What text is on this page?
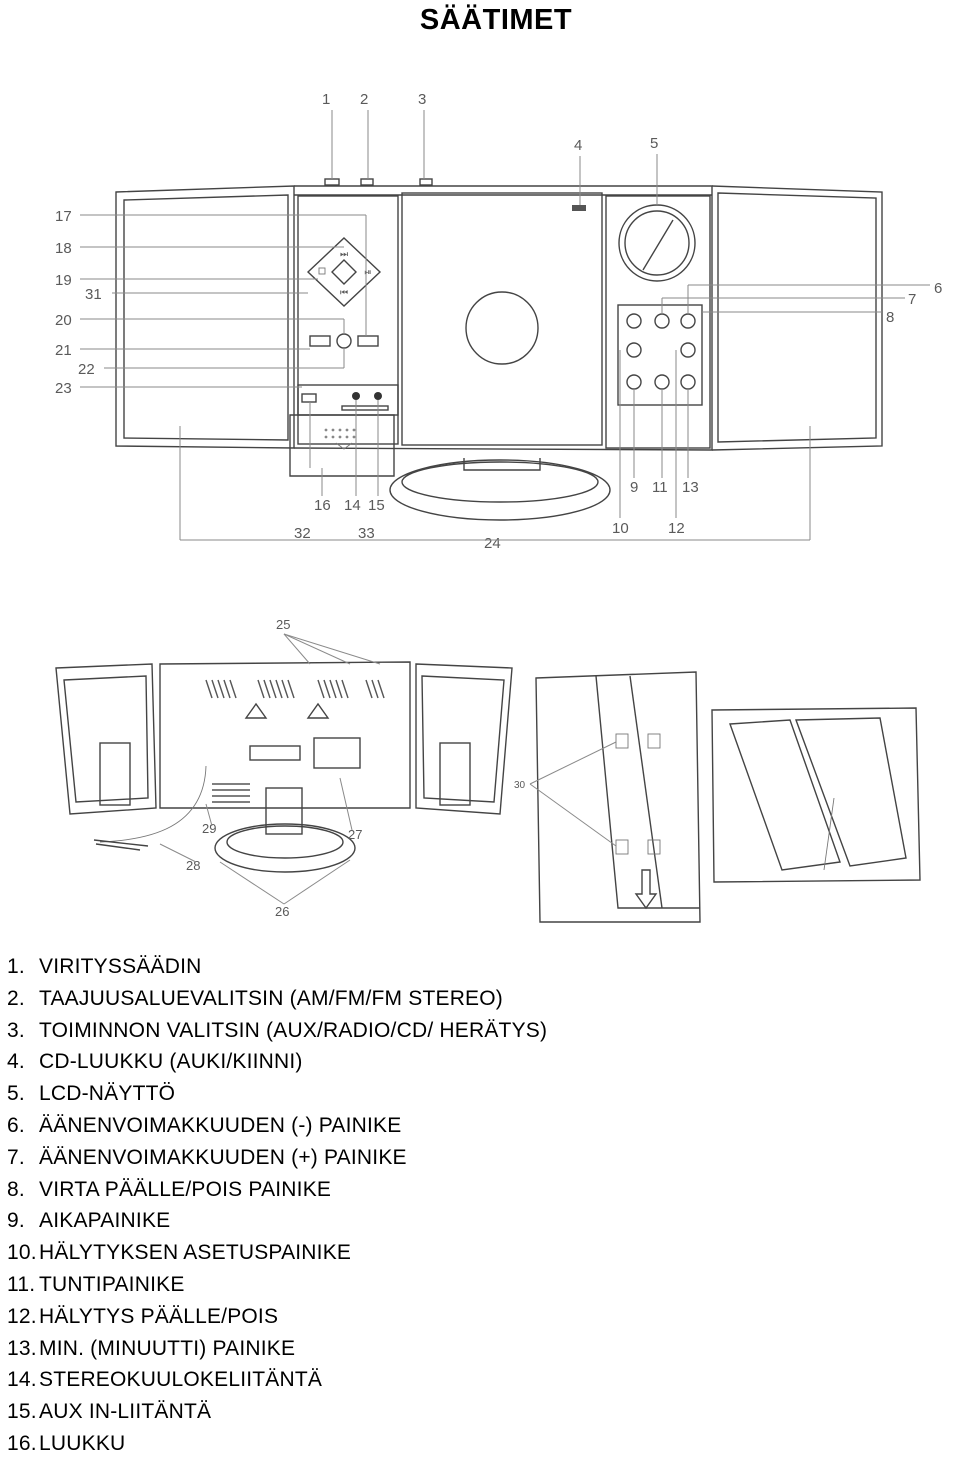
SÄÄTIMET
⏭
⏮
⏯
1 2	3
4	5
6
7
8
9
10
11
12
13
14 15
16
17
18
19
20
21
22
23
24
31
32	33
25
26
27
28
29
30
1. VIRITYSSÄÄDIN
2. TAAJUUSALUEVALITSIN (AM/FM/FM STEREO)
3. TOIMINNON VALITSIN (AUX/RADIO/CD/ HERÄTYS)
4. CD-LUUKKU (AUKI/KIINNI)
5. LCD-NÄYTTÖ
6. ÄÄNENVOIMAKKUUDEN (-) PAINIKE
7. ÄÄNENVOIMAKKUUDEN (+) PAINIKE
8. VIRTA PÄÄLLE/POIS PAINIKE
9. AIKAPAINIKE
10. HÄLYTYKSEN ASETUSPAINIKE
11. TUNTIPAINIKE
12. HÄLYTYS PÄÄLLE/POIS
13. MIN. (MINUUTTI) PAINIKE
14. STEREOKUULOKELIITÄNTÄ
15. AUX IN-LIITÄNTÄ
16. LUUKKU
